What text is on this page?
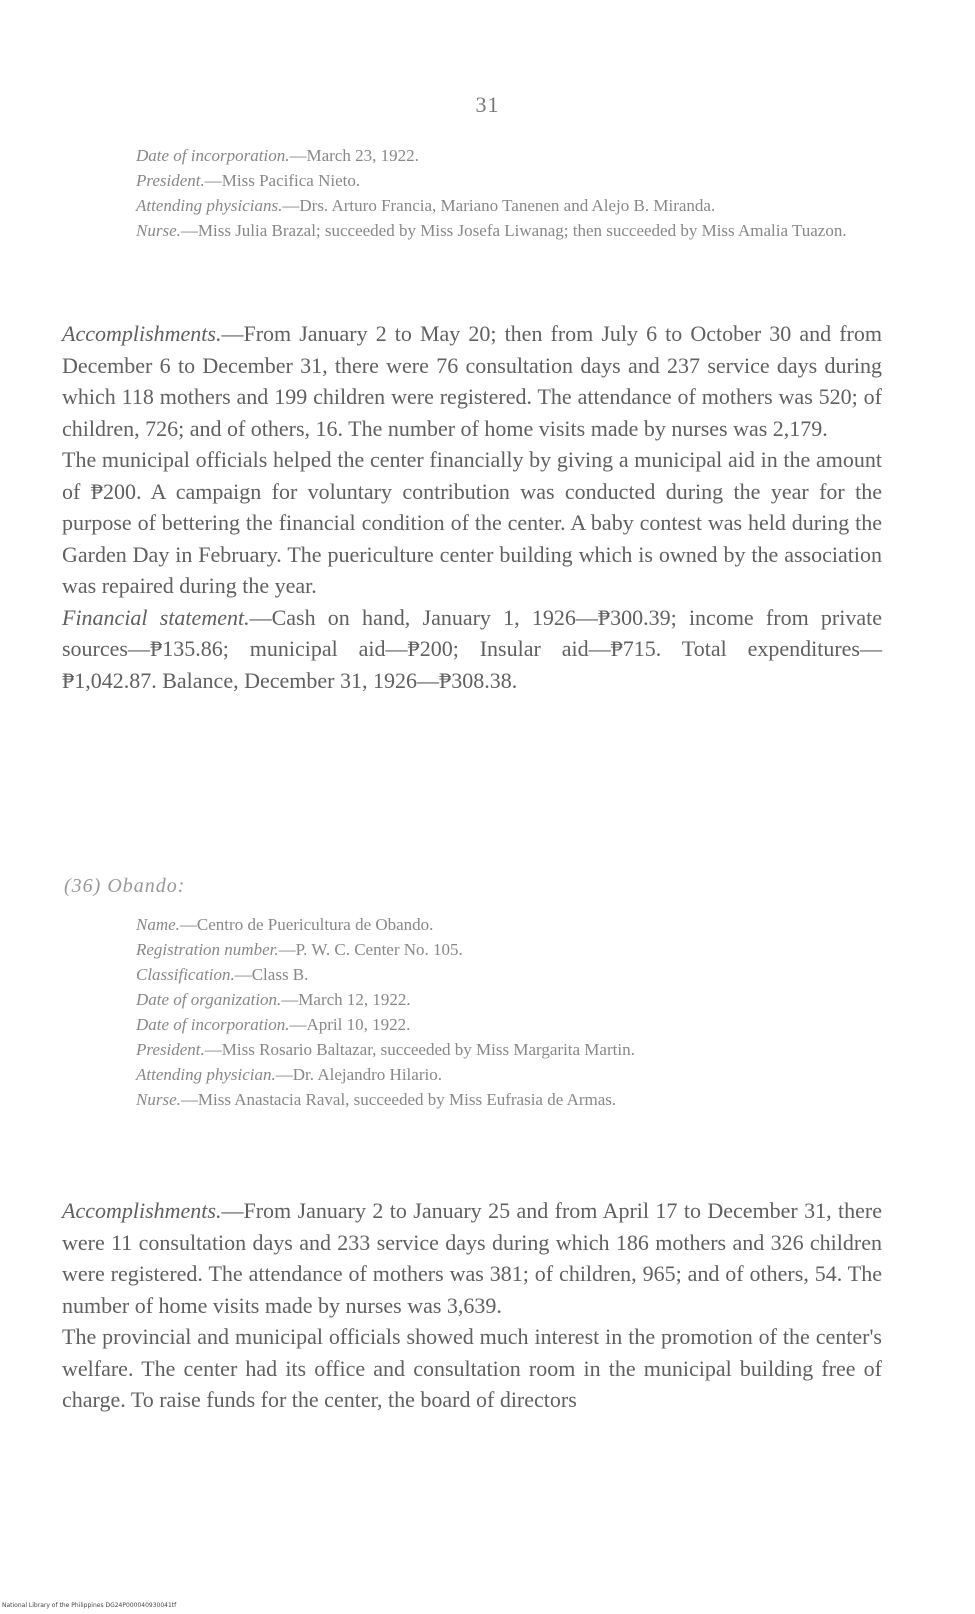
31
Date of incorporation.—March 23, 1922.
President.—Miss Pacifica Nieto.
Attending physicians.—Drs. Arturo Francia, Mariano Tanenen and Alejo B. Miranda.
Nurse.—Miss Julia Brazal; succeeded by Miss Josefa Liwanag; then succeeded by Miss Amalia Tuazon.

Accomplishments.—From January 2 to May 20; then from July 6 to October 30 and from December 6 to December 31, there were 76 consultation days and 237 service days during which 118 mothers and 199 children were registered. The attendance of mothers was 520; of children, 726; and of others, 16. The number of home visits made by nurses was 2,179.

The municipal officials helped the center financially by giving a municipal aid in the amount of ₱200. A campaign for voluntary contribution was conducted during the year for the purpose of bettering the financial condition of the center. A baby contest was held during the Garden Day in February. The puericulture center building which is owned by the association was repaired during the year.

Financial statement.—Cash on hand, January 1, 1926—₱300.39; income from private sources—₱135.86; municipal aid—₱200; Insular aid—₱715. Total expenditures—₱1,042.87. Balance, December 31, 1926—₱308.38.

(36) Obando:
Name.—Centro de Puericultura de Obando.
Registration number.—P. W. C. Center No. 105.
Classification.—Class B.
Date of organization.—March 12, 1922.
Date of incorporation.—April 10, 1922.
President.—Miss Rosario Baltazar, succeeded by Miss Margarita Martin.
Attending physician.—Dr. Alejandro Hilario.
Nurse.—Miss Anastacia Raval, succeeded by Miss Eufrasia de Armas.

Accomplishments.—From January 2 to January 25 and from April 17 to December 31, there were 11 consultation days and 233 service days during which 186 mothers and 326 children were registered. The attendance of mothers was 381; of children, 965; and of others, 54. The number of home visits made by nurses was 3,639.

The provincial and municipal officials showed much interest in the promotion of the center's welfare. The center had its office and consultation room in the municipal building free of charge. To raise funds for the center, the board of directors

National Library of the Philippines DG24P000040930041tf
